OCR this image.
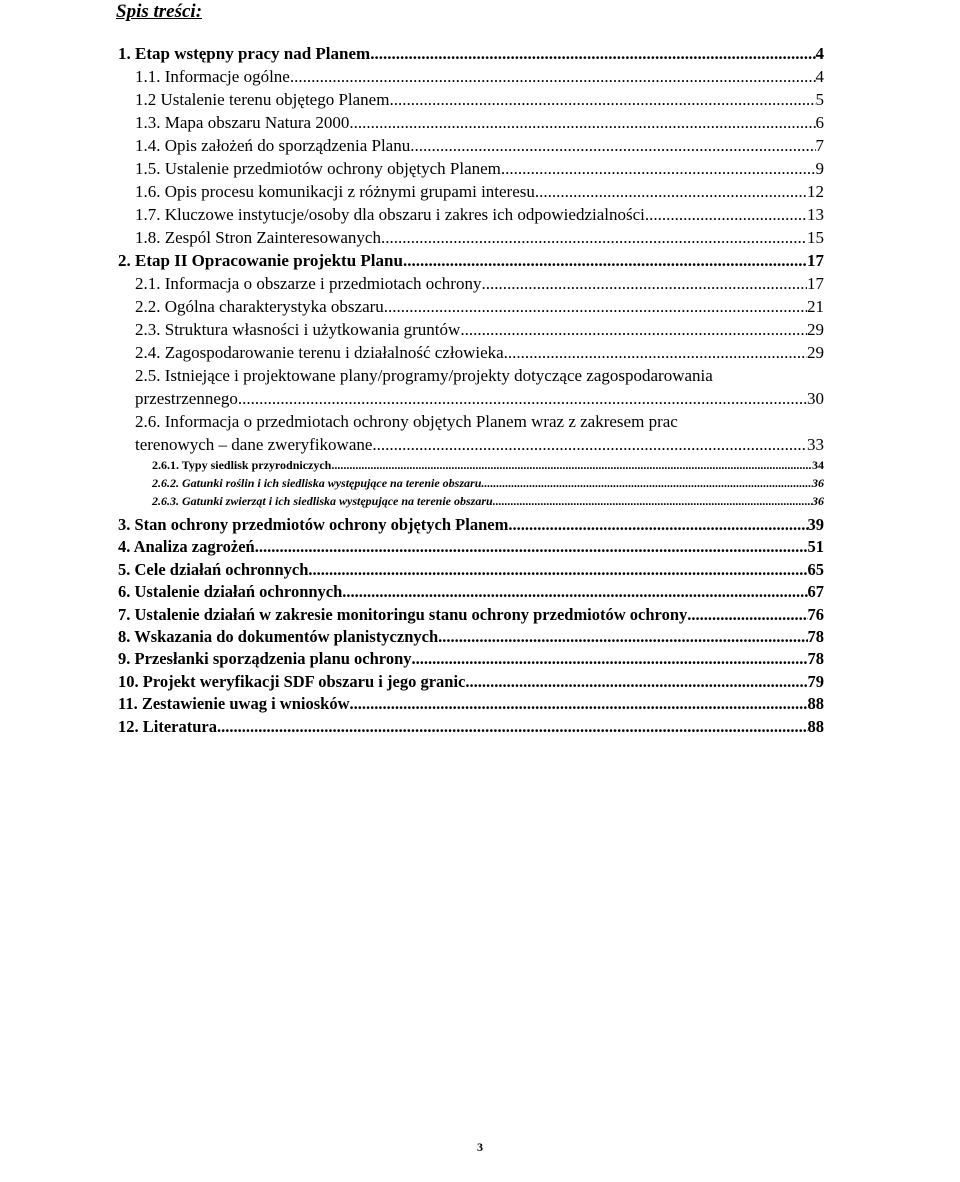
Spis treści:
1. Etap wstępny pracy nad Planem .....	4
1.1. Informacje ogólne .....	4
1.2 Ustalenie terenu objętego Planem .....	5
1.3. Mapa obszaru Natura 2000 .....	6
1.4. Opis założeń do sporządzenia Planu .....	7
1.5. Ustalenie przedmiotów ochrony objętych Planem .....	9
1.6. Opis procesu komunikacji z różnymi grupami interesu .....	12
1.7. Kluczowe instytucje/osoby dla obszaru i zakres ich odpowiedzialności .....	13
1.8. Zespól Stron Zainteresowanych .....	15
2. Etap II Opracowanie projektu Planu .....	17
2.1. Informacja o obszarze i przedmiotach ochrony .....	17
2.2. Ogólna charakterystyka obszaru .....	21
2.3. Struktura własności i użytkowania gruntów .....	29
2.4. Zagospodarowanie terenu i działalność człowieka .....	29
2.5. Istniejące i projektowane plany/programy/projekty dotyczące zagospodarowania
przestrzennego .....	30
2.6. Informacja o przedmiotach ochrony objętych Planem wraz z zakresem prac
terenowych – dane zweryfikowane .....	33
2.6.1. Typy siedlisk przyrodniczych .....	34
2.6.2. Gatunki roślin i ich siedliska występujące na terenie obszaru .....	36
2.6.3. Gatunki zwierząt i ich siedliska występujące na terenie obszaru .....	36
3. Stan ochrony przedmiotów ochrony objętych Planem .....	39
4. Analiza zagrożeń .....	51
5. Cele działań ochronnych .....	65
6. Ustalenie działań ochronnych .....	67
7. Ustalenie działań w zakresie monitoringu stanu ochrony przedmiotów ochrony .....	76
8. Wskazania do dokumentów planistycznych .....	78
9. Przesłanki sporządzenia planu ochrony .....	78
10. Projekt weryfikacji SDF obszaru i jego granic .....	79
11. Zestawienie uwag i wniosków .....	88
12. Literatura .....	88
3
